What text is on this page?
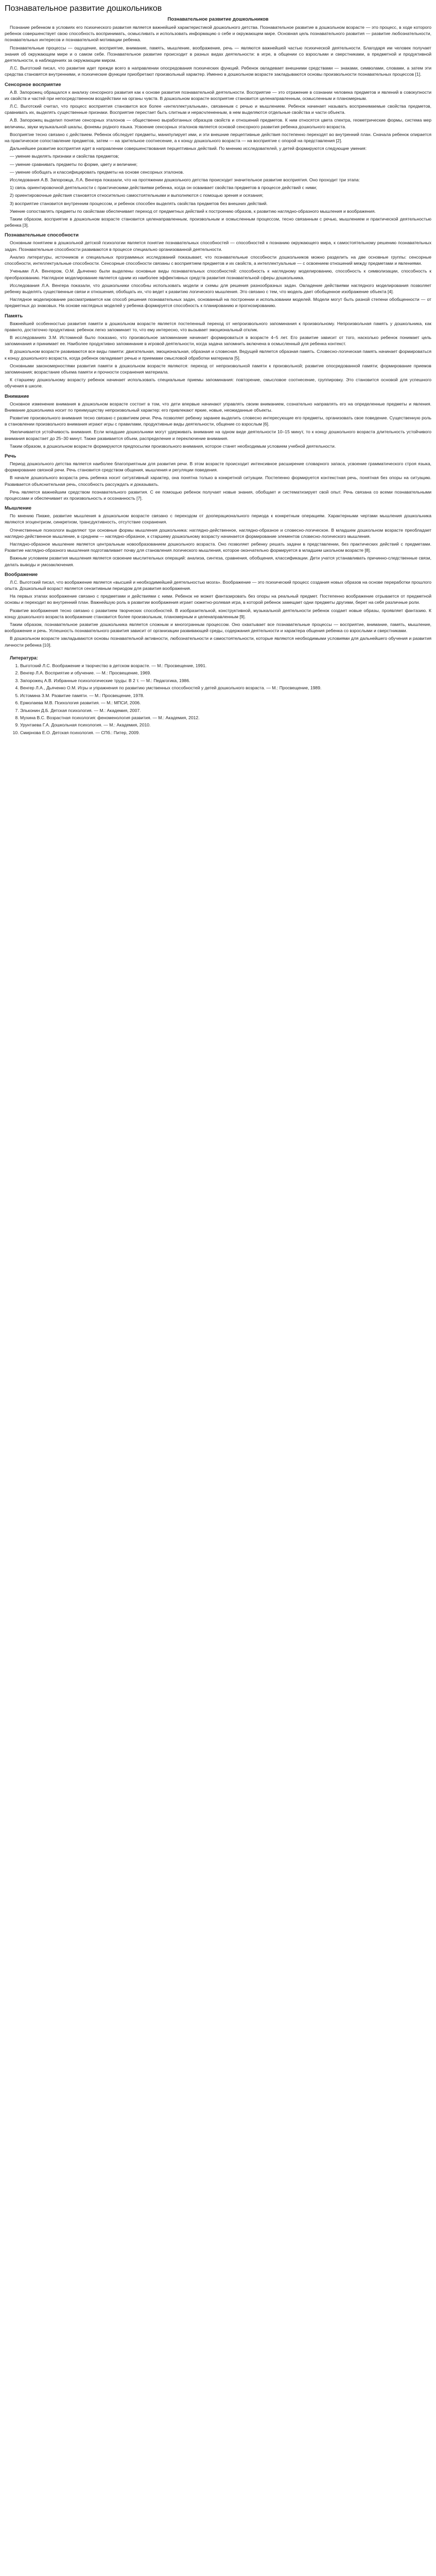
Познавательное развитие дошкольников
Познавательное развитие дошкольников

Познание ребенком в условиях его психического развития является важнейшей характеристикой дошкольного детства. Познавательное развитие в дошкольном возрасте — это процесс, в ходе которого ребенок совершенствует свою способность воспринимать, осмысливать и использовать информацию о себе и окружающем мире. Основная цель познавательного развития — развитие любознательности, познавательных интересов и познавательной мотивации ребенка.

Познавательные процессы — ощущение, восприятие, внимание, память, мышление, воображение, речь — являются важнейшей частью психической деятельности. Благодаря им человек получает знания об окружающем мире и о самом себе. Познавательное развитие происходит в разных видах деятельности: в игре, в общении со взрослыми и сверстниками, в предметной и продуктивной деятельности, в наблюдениях за окружающим миром.

Л.С. Выготский писал, что развитие идет прежде всего в направлении опосредования психических функций. Ребенок овладевает внешними средствами — знаками, символами, словами, а затем эти средства становятся внутренними, и психические функции приобретают произвольный характер. Именно в дошкольном возрасте закладываются основы произвольности познавательных процессов [1].

Сенсорное восприятие

А.В. Запорожец обращался к анализу сенсорного развития как к основе развития познавательной деятельности. Восприятие — это отражение в сознании человека предметов и явлений в совокупности их свойств и частей при непосредственном воздействии на органы чувств. В дошкольном возрасте восприятие становится целенаправленным, осмысленным и планомерным.

Л.С. Выготский считал, что процесс восприятия становится все более «интеллектуальным», связанным с речью и мышлением. Ребенок начинает называть воспринимаемые свойства предметов, сравнивать их, выделять существенные признаки. Восприятие перестает быть слитным и нерасчлененным, в нем выделяются отдельные свойства и части объекта.

А.В. Запорожец выделил понятие сенсорных эталонов — общественно выработанных образцов свойств и отношений предметов. К ним относятся цвета спектра, геометрические формы, система мер величины, звуки музыкальной шкалы, фонемы родного языка. Усвоение сенсорных эталонов является основой сенсорного развития ребенка дошкольного возраста.

Восприятие тесно связано с действием. Ребенок обследует предметы, манипулирует ими, и эти внешние перцептивные действия постепенно переходят во внутренний план. Сначала ребенок опирается на практическое сопоставление предметов, затем — на зрительное соотнесение, а к концу дошкольного возраста — на восприятие с опорой на представления [2].

Дальнейшее развитие восприятия идет в направлении совершенствования перцептивных действий. По мнению исследователей, у детей формируются следующие умения:

— умение выделять признаки и свойства предметов;

— умение сравнивать предметы по форме, цвету и величине;

— умение обобщать и классифицировать предметы на основе сенсорных эталонов.

Исследования А.В. Запорожца, Л.А. Венгера показали, что на протяжении дошкольного детства происходит значительное развитие восприятия. Оно проходит три этапа:

1) связь ориентировочной деятельности с практическими действиями ребенка, когда он осваивает свойства предметов в процессе действий с ними;

2) ориентировочные действия становятся относительно самостоятельными и выполняются с помощью зрения и осязания;

3) восприятие становится внутренним процессом, и ребенок способен выделять свойства предметов без внешних действий.

Умение сопоставлять предметы по свойствам обеспечивает переход от предметных действий к построению образов, к развитию наглядно-образного мышления и воображения.

Таким образом, восприятие в дошкольном возрасте становится целенаправленным, произвольным и осмысленным процессом, тесно связанным с речью, мышлением и практической деятельностью ребенка [3].

Познавательные способности

Основным понятием в дошкольной детской психологии является понятие познавательных способностей — способностей к познанию окружающего мира, к самостоятельному решению познавательных задач. Познавательные способности развиваются в процессе специально организованной деятельности.

Анализ литературы, источников и специальных программных исследований показывает, что познавательные способности дошкольников можно разделить на две основные группы: сенсорные способности, интеллектуальные способности. Сенсорные способности связаны с восприятием предметов и их свойств, а интеллектуальные — с освоением отношений между предметами и явлениями.

Учеными Л.А. Венгером, О.М. Дьяченко были выделены основные виды познавательных способностей: способность к наглядному моделированию, способность к символизации, способность к преобразованию. Наглядное моделирование является одним из наиболее эффективных средств развития познавательной сферы дошкольника.

Исследования Л.А. Венгера показали, что дошкольники способны использовать модели и схемы для решения разнообразных задач. Овладение действиями наглядного моделирования позволяет ребенку выделять существенные связи и отношения, обобщать их, что ведет к развитию логического мышления. Это связано с тем, что модель дает обобщенное изображение объекта [4].

Наглядное моделирование рассматривается как способ решения познавательных задач, основанный на построении и использовании моделей. Модели могут быть разной степени обобщенности — от предметных до знаковых. На основе наглядных моделей у ребенка формируется способность к планированию и прогнозированию.

Память

Важнейшей особенностью развития памяти в дошкольном возрасте является постепенный переход от непроизвольного запоминания к произвольному. Непроизвольная память у дошкольника, как правило, достаточно продуктивна: ребенок легко запоминает то, что ему интересно, что вызывает эмоциональный отклик.

В исследованиях З.М. Истоминой было показано, что произвольное запоминание начинает формироваться в возрасте 4–5 лет. Его развитие зависит от того, насколько ребенок понимает цель запоминания и принимает ее. Наиболее продуктивно запоминание в игровой деятельности, когда задача запомнить включена в осмысленный для ребенка контекст.

В дошкольном возрасте развиваются все виды памяти: двигательная, эмоциональная, образная и словесная. Ведущей является образная память. Словесно-логическая память начинает формироваться к концу дошкольного возраста, когда ребенок овладевает речью и приемами смысловой обработки материала [5].

Основными закономерностями развития памяти в дошкольном возрасте являются: переход от непроизвольной памяти к произвольной; развитие опосредованной памяти; формирование приемов запоминания; возрастание объема памяти и прочности сохранения материала.

К старшему дошкольному возрасту ребенок начинает использовать специальные приемы запоминания: повторение, смысловое соотнесение, группировку. Это становится основой для успешного обучения в школе.

Внимание

Основное изменение внимания в дошкольном возрасте состоит в том, что дети впервые начинают управлять своим вниманием, сознательно направлять его на определенные предметы и явления. Внимание дошкольника носит по преимуществу непроизвольный характер: его привлекают яркие, новые, неожиданные объекты.

Развитие произвольного внимания тесно связано с развитием речи. Речь позволяет ребенку заранее выделить словесно интересующие его предметы, организовать свое поведение. Существенную роль в становлении произвольного внимания играют игры с правилами, продуктивные виды деятельности, общение со взрослым [6].

Увеличивается устойчивость внимания. Если младшие дошкольники могут удерживать внимание на одном виде деятельности 10–15 минут, то к концу дошкольного возраста длительность устойчивого внимания возрастает до 25–30 минут. Также развивается объем, распределение и переключение внимания.

Таким образом, в дошкольном возрасте формируются предпосылки произвольного внимания, которое станет необходимым условием учебной деятельности.

Речь

Период дошкольного детства является наиболее благоприятным для развития речи. В этом возрасте происходит интенсивное расширение словарного запаса, усвоение грамматического строя языка, формирование связной речи. Речь становится средством общения, мышления и регуляции поведения.

В начале дошкольного возраста речь ребенка носит ситуативный характер, она понятна только в конкретной ситуации. Постепенно формируется контекстная речь, понятная без опоры на ситуацию. Развивается объяснительная речь, способность рассуждать и доказывать.

Речь является важнейшим средством познавательного развития. С ее помощью ребенок получает новые знания, обобщает и систематизирует свой опыт. Речь связана со всеми познавательными процессами и обеспечивает их произвольность и осознанность [7].

Мышление

По мнению Пиаже, развитие мышления в дошкольном возрасте связано с переходом от дооперационального периода к конкретным операциям. Характерными чертами мышления дошкольника являются эгоцентризм, синкретизм, трансдуктивность, отсутствие сохранения.

Отечественные психологи выделяют три основные формы мышления дошкольника: наглядно-действенное, наглядно-образное и словесно-логическое. В младшем дошкольном возрасте преобладает наглядно-действенное мышление, в среднем — наглядно-образное, к старшему дошкольному возрасту начинается формирование элементов словесно-логического мышления.

Наглядно-образное мышление является центральным новообразованием дошкольного возраста. Оно позволяет ребенку решать задачи в представлении, без практических действий с предметами. Развитие наглядно-образного мышления подготавливает почву для становления логического мышления, которое окончательно формируется в младшем школьном возрасте [8].

Важным условием развития мышления является освоение мыслительных операций: анализа, синтеза, сравнения, обобщения, классификации. Дети учатся устанавливать причинно-следственные связи, делать выводы и умозаключения.

Воображение

Л.С. Выготский писал, что воображение является «высшей и необходимейшей деятельностью мозга». Воображение — это психический процесс создания новых образов на основе переработки прошлого опыта. Дошкольный возраст является сензитивным периодом для развития воображения.

На первых этапах воображение связано с предметами и действиями с ними. Ребенок не может фантазировать без опоры на реальный предмет. Постепенно воображение отрывается от предметной основы и переходит во внутренний план. Важнейшую роль в развитии воображения играет сюжетно-ролевая игра, в которой ребенок замещает одни предметы другими, берет на себя различные роли.

Развитие воображения тесно связано с развитием творческих способностей. В изобразительной, конструктивной, музыкальной деятельности ребенок создает новые образы, проявляет фантазию. К концу дошкольного возраста воображение становится более произвольным, планомерным и целенаправленным [9].

Таким образом, познавательное развитие дошкольника является сложным и многогранным процессом. Оно охватывает все познавательные процессы — восприятие, внимание, память, мышление, воображение и речь. Успешность познавательного развития зависит от организации развивающей среды, содержания деятельности и характера общения ребенка со взрослыми и сверстниками.

В дошкольном возрасте закладываются основы познавательной активности, любознательности и самостоятельности, которые являются необходимыми условиями для дальнейшего обучения и развития личности ребенка [10].

Литература:
1. Выготский Л.С. Воображение и творчество в детском возрасте. — М.: Просвещение, 1991.
2. Венгер Л.А. Восприятие и обучение. — М.: Просвещение, 1969.
3. Запорожец А.В. Избранные психологические труды: В 2 т. — М.: Педагогика, 1986.
4. Венгер Л.А., Дьяченко О.М. Игры и упражнения по развитию умственных способностей у детей дошкольного возраста. — М.: Просвещение, 1989.
5. Истомина З.М. Развитие памяти. — М.: Просвещение, 1978.
6. Ермолаева М.В. Психология развития. — М.: МПСИ, 2006.
7. Эльконин Д.Б. Детская психология. — М.: Академия, 2007.
8. Мухина В.С. Возрастная психология: феноменология развития. — М.: Академия, 2012.
9. Урунтаева Г.А. Дошкольная психология. — М.: Академия, 2010.
10. Смирнова Е.О. Детская психология. — СПб.: Питер, 2009.
